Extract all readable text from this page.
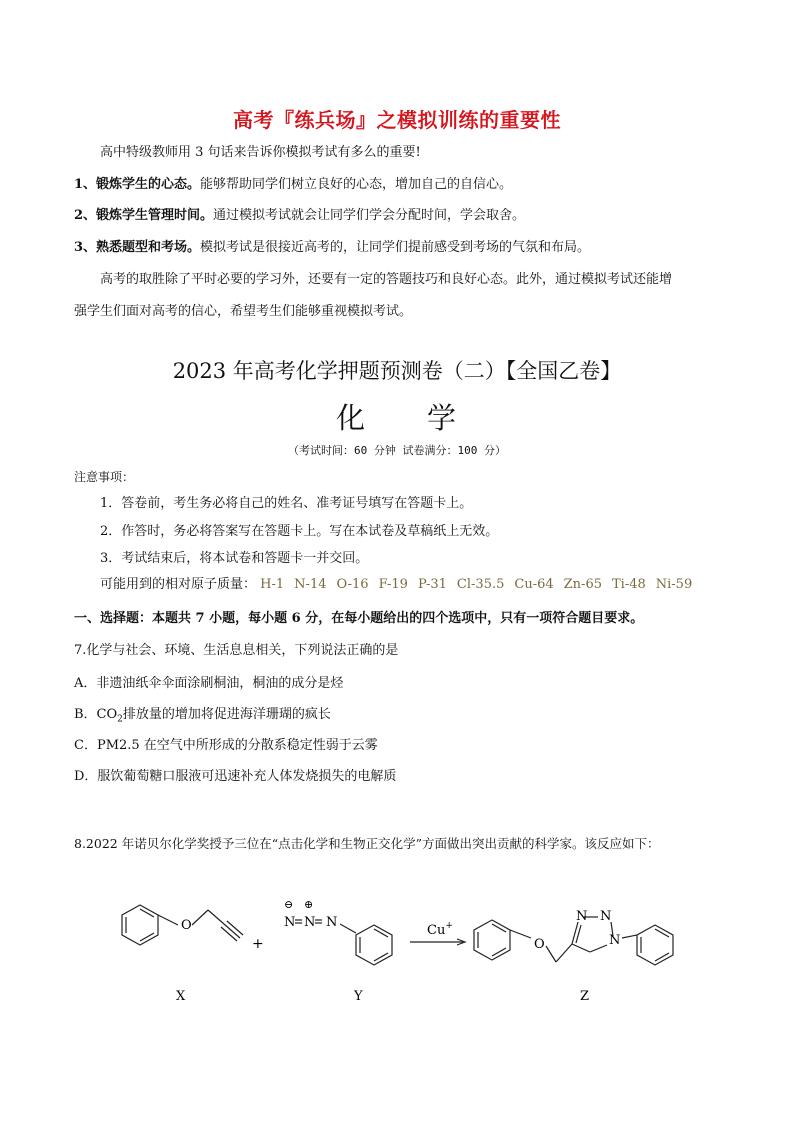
高考『练兵场』之模拟训练的重要性
高中特级教师用 3 句话来告诉你模拟考试有多么的重要!
1、锻炼学生的心态。能够帮助同学们树立良好的心态，增加自己的自信心。
2、锻炼学生管理时间。通过模拟考试就会让同学们学会分配时间，学会取舍。
3、熟悉题型和考场。模拟考试是很接近高考的，让同学们提前感受到考场的气氛和布局。
高考的取胜除了平时必要的学习外，还要有一定的答题技巧和良好心态。此外，通过模拟考试还能增
强学生们面对高考的信心，希望考生们能够重视模拟考试。
2023 年高考化学押题预测卷（二）【全国乙卷】
化 学
（考试时间：60 分钟 试卷满分：100 分）
注意事项：
1．答卷前，考生务必将自己的姓名、准考证号填写在答题卡上。
2．作答时，务必将答案写在答题卡上。写在本试卷及草稿纸上无效。
3．考试结束后，将本试卷和答题卡一并交回。
可能用到的相对原子质量： H-1 N-14 O-16 F-19 P-31 Cl-35.5 Cu-64 Zn-65 Ti-48 Ni-59
一、选择题：本题共 7 小题，每小题 6 分，在每小题给出的四个选项中，只有一项符合题目要求。
7.化学与社会、环境、生活息息相关，下列说法正确的是
A．非遗油纸伞伞面涂刷桐油，桐油的成分是烃
B．$CO_2$排放量的增加将促进海洋珊瑚的疯长
C．PM2.5 在空气中所形成的分散系稳定性弱于云雾
D．服饮葡萄糖口服液可迅速补充人体发烧损失的电解质
8.2022 年诺贝尔化学奖授予三位在“点击化学和生物正交化学”方面做出突出贡献的科学家。该反应如下：
O
O
N N N
⊖ ⊕
N N
N
+
Cu+
X	Y	Z
